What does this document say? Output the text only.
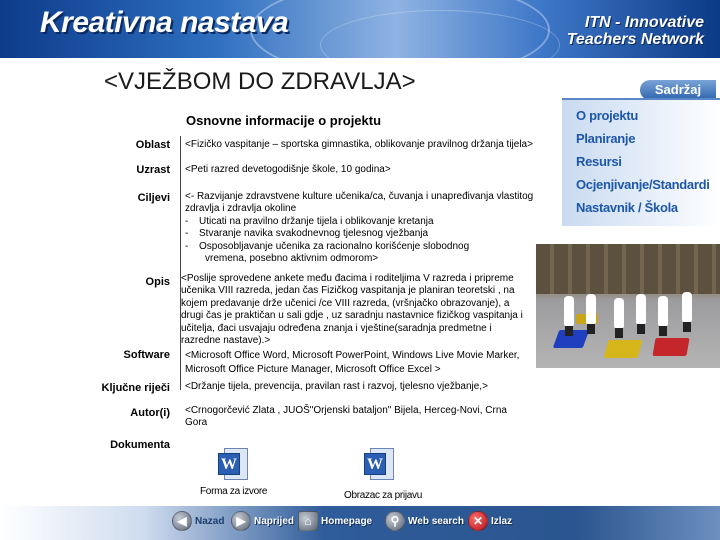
Kreativna nastava	ITN - Innovative
Teachers Network
<VJEŽBOM DO ZDRAVLJA>
Osnovne informacije o projektu
Oblast <Fizičko vaspitanje – sportska gimnastika, oblikovanje pravilnog držanja tijela>
Uzrast <Peti razred devetogodišnje škole, 10 godina>
Ciljevi <- Razvijanje zdravstvene kulture učenika/ca, čuvanja i unapređivanja vlastitog zdravlja i zdravlja okoline
- Uticati na pravilno držanje tijela i oblikovanje kretanja
- Stvaranje navika svakodnevnog tjelesnog vježbanja
- Osposobljavanje učenika za racionalno korišćenje slobodnog
vremena, posebno aktivnim odmorom>
Opis <Poslije sprovedene ankete među đacima i roditeljima V razreda i pripreme učenika VIII razreda, jedan čas Fizičkog vaspitanja je planiran teoretski , na kojem predavanje drže učenici /ce VIII razreda, (vršnjačko obrazovanje), a drugi čas je praktičan u sali gdje , uz saradnju nastavnice fizičkog vaspitanja i učitelja, đaci usvajaju određena znanja i vještine(saradnja predmetne i razredne nastave).>
Software <Microsoft Office Word, Microsoft PowerPoint, Windows Live Movie Marker, Microsoft Office Picture Manager, Microsoft Office Excel >
Ključne riječi <Držanje tijela, prevencija, pravilan rast i razvoj, tjelesno vježbanje,>
Autor(i) <Crnogorčević Zlata , JUOŠ"Orjenski bataljon" Bijela, Herceg-Novi, Crna Gora
Dokumenta
W
Forma za izvore
W
Obrazac za prijavu
Sadržaj
O projektu
Planiranje
Resursi
Ocjenjivanje/Standardi
Nastavnik / Škola
◀ Nazad ▶ Naprijed ⌂ Homepage	⚲ Web search ✕ Izlaz
